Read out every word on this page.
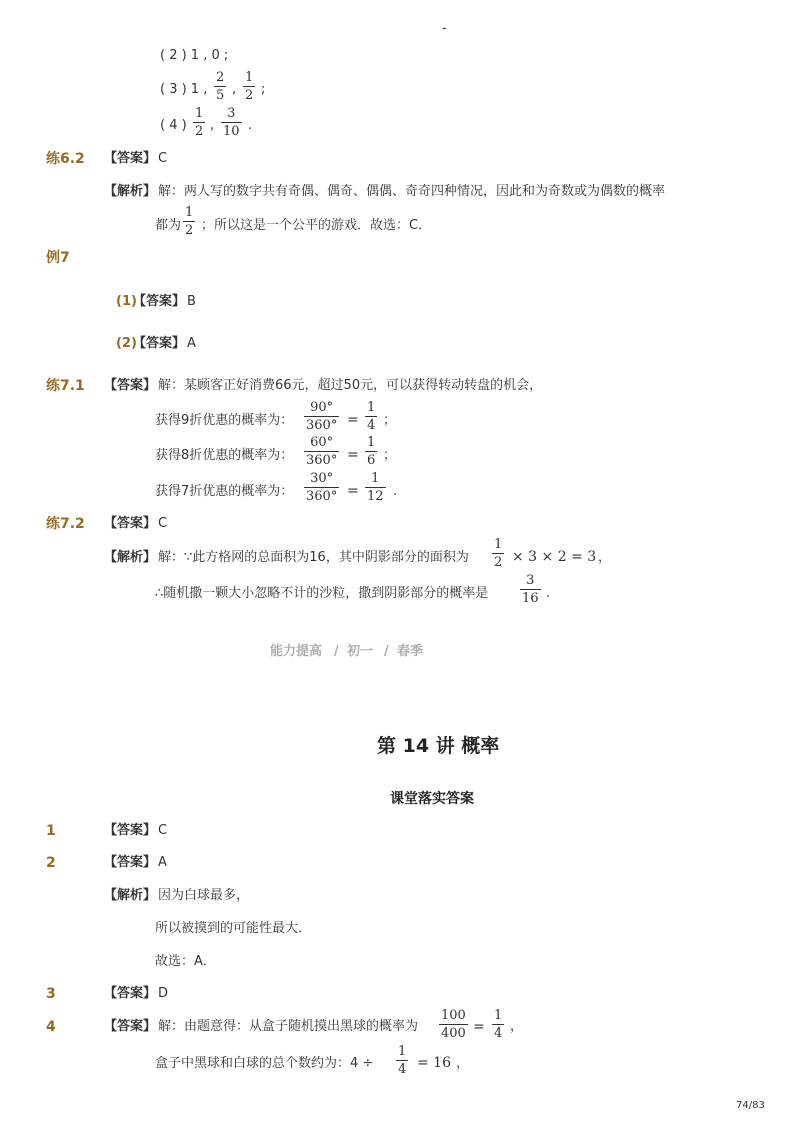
-
( 2 ) 1 , 0 ;
( 3 ) 1 , $\frac{2}{5}$ , $\frac{1}{2}$ ;
( 4 ) $\frac{1}{2}$ , $\frac{3}{10}$ .
练6.2 【答案】 C
【解析】 解：两人写的数字共有奇偶、偶奇、偶偶、奇奇四种情况，因此和为奇数或为偶数的概率
都为 $\frac{1}{2}$ ；所以这是一个公平的游戏．故选：C．
例7
(1)
【答案】 B
(2)
【答案】 A
练7.1 【答案】 解：某顾客正好消费66元，超过50元，可以获得转动转盘的机会，
获得9折优惠的概率为： $\frac{90^\circ}{360^\circ} = \frac{1}{4}$ ；
获得8折优惠的概率为： $\frac{60^\circ}{360^\circ} = \frac{1}{6}$ ；
获得7折优惠的概率为： $\frac{30^\circ}{360^\circ} = \frac{1}{12}$ .
练7.2 【答案】 C
【解析】 解：∵此方格网的总面积为16，其中阴影部分的面积为 $\frac{1}{2} \times 3 \times 2 = 3$ ，
∴随机撒一颗大小忽略不计的沙粒，撒到阴影部分的概率是 $\frac{3}{16}$ .
能力提高 / 初一 / 春季
第 14 讲 概率
课堂落实答案
1	【答案】 C
2	【答案】 A
【解析】 因为白球最多，
所以被摸到的可能性最大．
故选：A．
3	【答案】 D
4	【答案】 解：由题意得：从盒子随机摸出黑球的概率为 $\frac{100}{400} = \frac{1}{4}$ ，
盒子中黑球和白球的总个数约为：$4 \div \frac{1}{4} = 16$ ，
74/83
